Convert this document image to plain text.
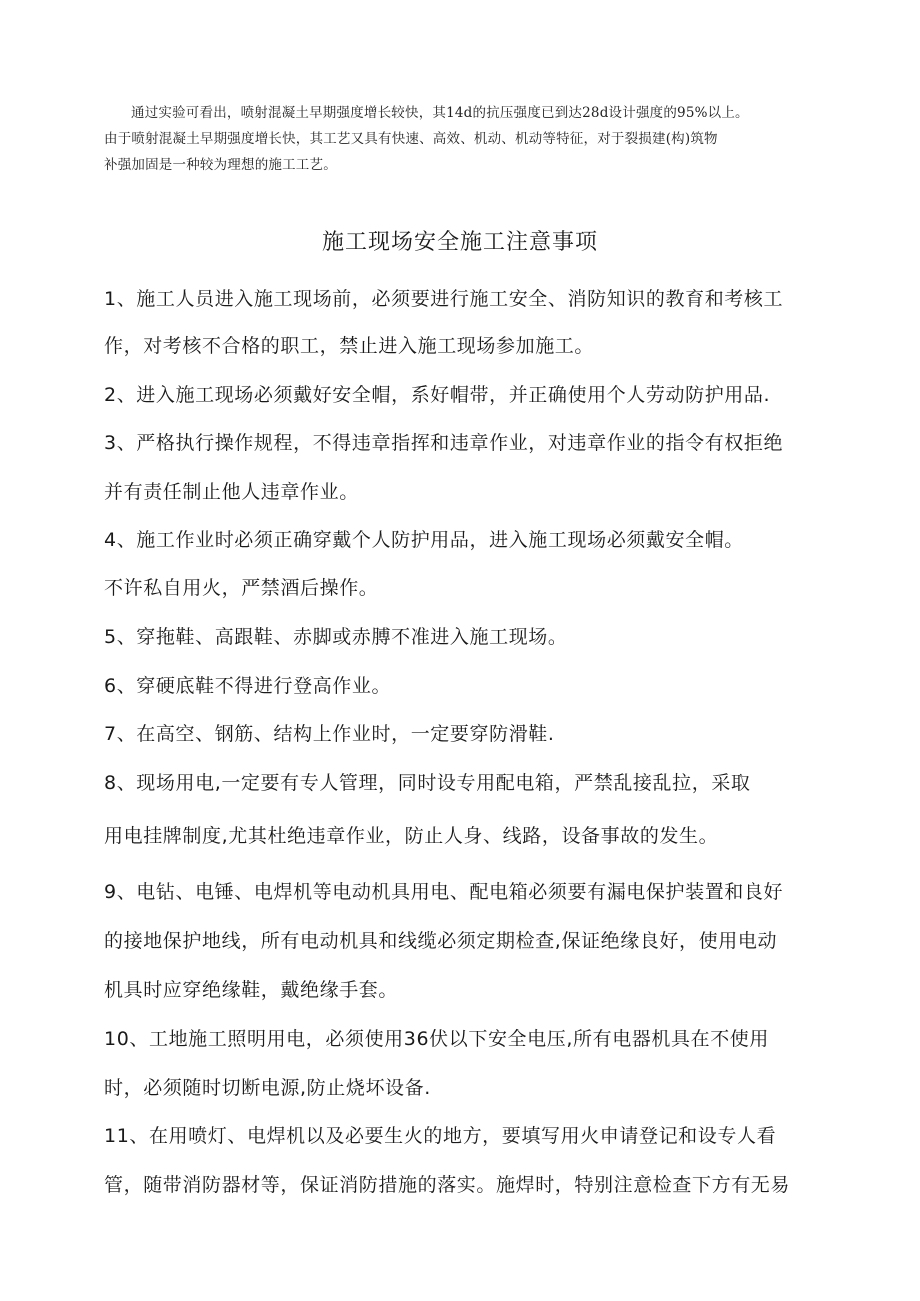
通过实验可看出，喷射混凝土早期强度增长较快，其14d的抗压强度已到达28d设计强度的95%以上。
由于喷射混凝土早期强度增长快，其工艺又具有快速、高效、机动、机动等特征，对于裂损建(构)筑物
补强加固是一种较为理想的施工工艺。
施工现场安全施工注意事项
1、施工人员进入施工现场前，必须要进行施工安全、消防知识的教育和考核工
作，对考核不合格的职工，禁止进入施工现场参加施工。
2、进入施工现场必须戴好安全帽，系好帽带，并正确使用个人劳动防护用品.
3、严格执行操作规程，不得违章指挥和违章作业，对违章作业的指令有权拒绝
并有责任制止他人违章作业。
4、施工作业时必须正确穿戴个人防护用品，进入施工现场必须戴安全帽。
不许私自用火，严禁酒后操作。
5、穿拖鞋、高跟鞋、赤脚或赤膊不准进入施工现场。
6、穿硬底鞋不得进行登高作业。
7、在高空、钢筋、结构上作业时，一定要穿防滑鞋.
8、现场用电,一定要有专人管理，同时设专用配电箱，严禁乱接乱拉，采取
用电挂牌制度,尤其杜绝违章作业，防止人身、线路，设备事故的发生。
9、电钻、电锤、电焊机等电动机具用电、配电箱必须要有漏电保护装置和良好
的接地保护地线，所有电动机具和线缆必须定期检查,保证绝缘良好，使用电动
机具时应穿绝缘鞋，戴绝缘手套。
10、工地施工照明用电，必须使用36伏以下安全电压,所有电器机具在不使用
时，必须随时切断电源,防止烧坏设备.
11、在用喷灯、电焊机以及必要生火的地方，要填写用火申请登记和设专人看
管，随带消防器材等，保证消防措施的落实。施焊时，特别注意检查下方有无易
